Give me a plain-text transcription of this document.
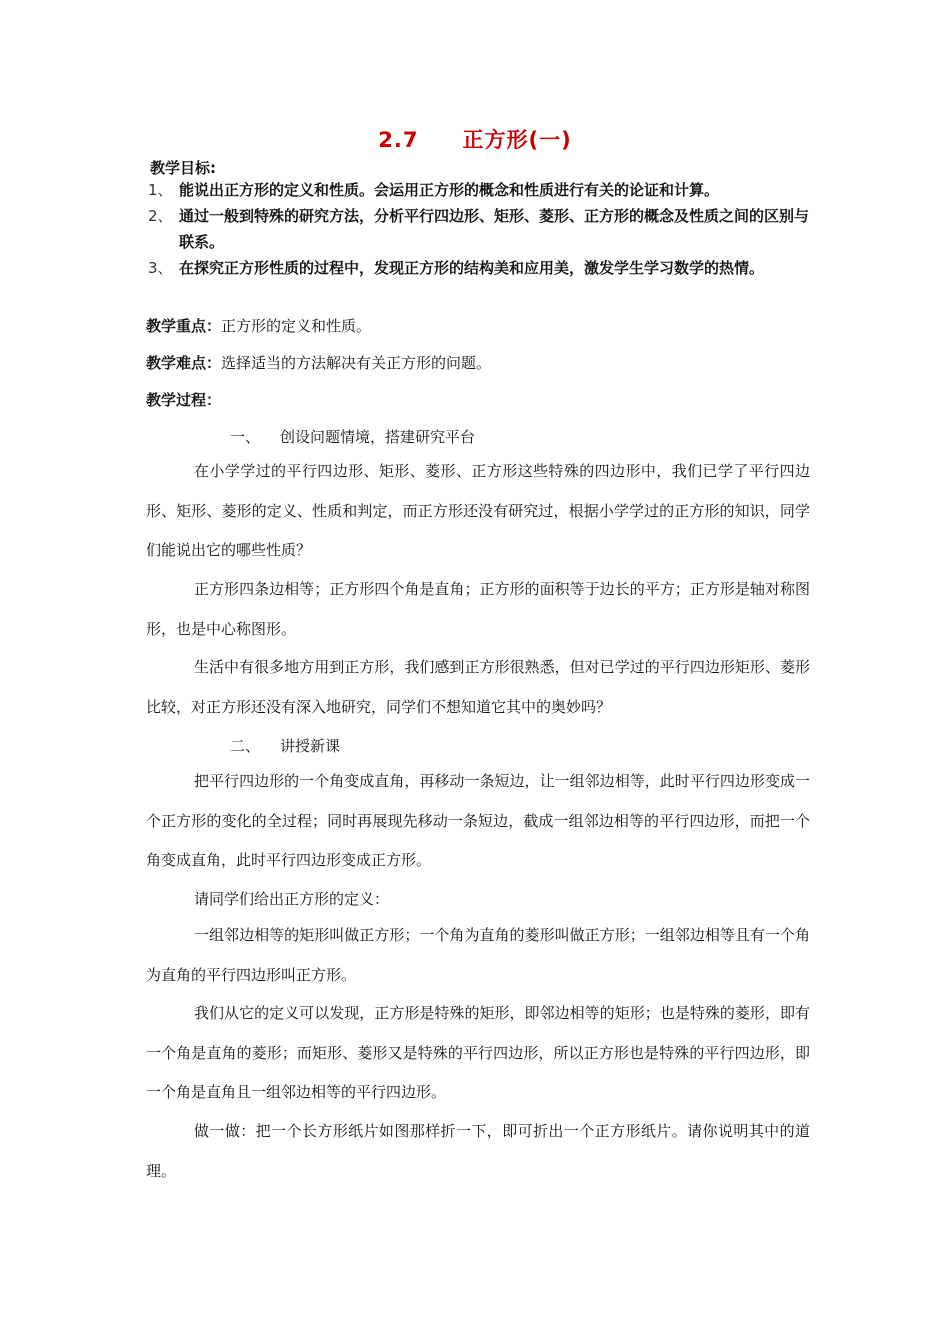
2.7 正方形(一)
教学目标:
1、 能说出正方形的定义和性质。会运用正方形的概念和性质进行有关的论证和计算。
2、 通过一般到特殊的研究方法，分析平行四边形、矩形、菱形、正方形的概念及性质之间的区别与联系。
3、 在探究正方形性质的过程中，发现正方形的结构美和应用美，激发学生学习数学的热情。
教学重点：正方形的定义和性质。
教学难点：选择适当的方法解决有关正方形的问题。
教学过程：
一、 创设问题情境，搭建研究平台
在小学学过的平行四边形、矩形、菱形、正方形这些特殊的四边形中，我们已学了平行四边形、矩形、菱形的定义、性质和判定，而正方形还没有研究过，根据小学学过的正方形的知识，同学们能说出它的哪些性质？
正方形四条边相等；正方形四个角是直角；正方形的面积等于边长的平方；正方形是轴对称图形，也是中心称图形。
生活中有很多地方用到正方形，我们感到正方形很熟悉，但对已学过的平行四边形矩形、菱形比较，对正方形还没有深入地研究，同学们不想知道它其中的奥妙吗？
二、 讲授新课
把平行四边形的一个角变成直角，再移动一条短边，让一组邻边相等，此时平行四边形变成一个正方形的变化的全过程；同时再展现先移动一条短边，截成一组邻边相等的平行四边形，而把一个角变成直角，此时平行四边形变成正方形。
请同学们给出正方形的定义：
一组邻边相等的矩形叫做正方形；一个角为直角的菱形叫做正方形；一组邻边相等且有一个角为直角的平行四边形叫正方形。
我们从它的定义可以发现，正方形是特殊的矩形，即邻边相等的矩形；也是特殊的菱形，即有一个角是直角的菱形；而矩形、菱形又是特殊的平行四边形，所以正方形也是特殊的平行四边形，即一个角是直角且一组邻边相等的平行四边形。
做一做：把一个长方形纸片如图那样折一下，即可折出一个正方形纸片。请你说明其中的道理。
